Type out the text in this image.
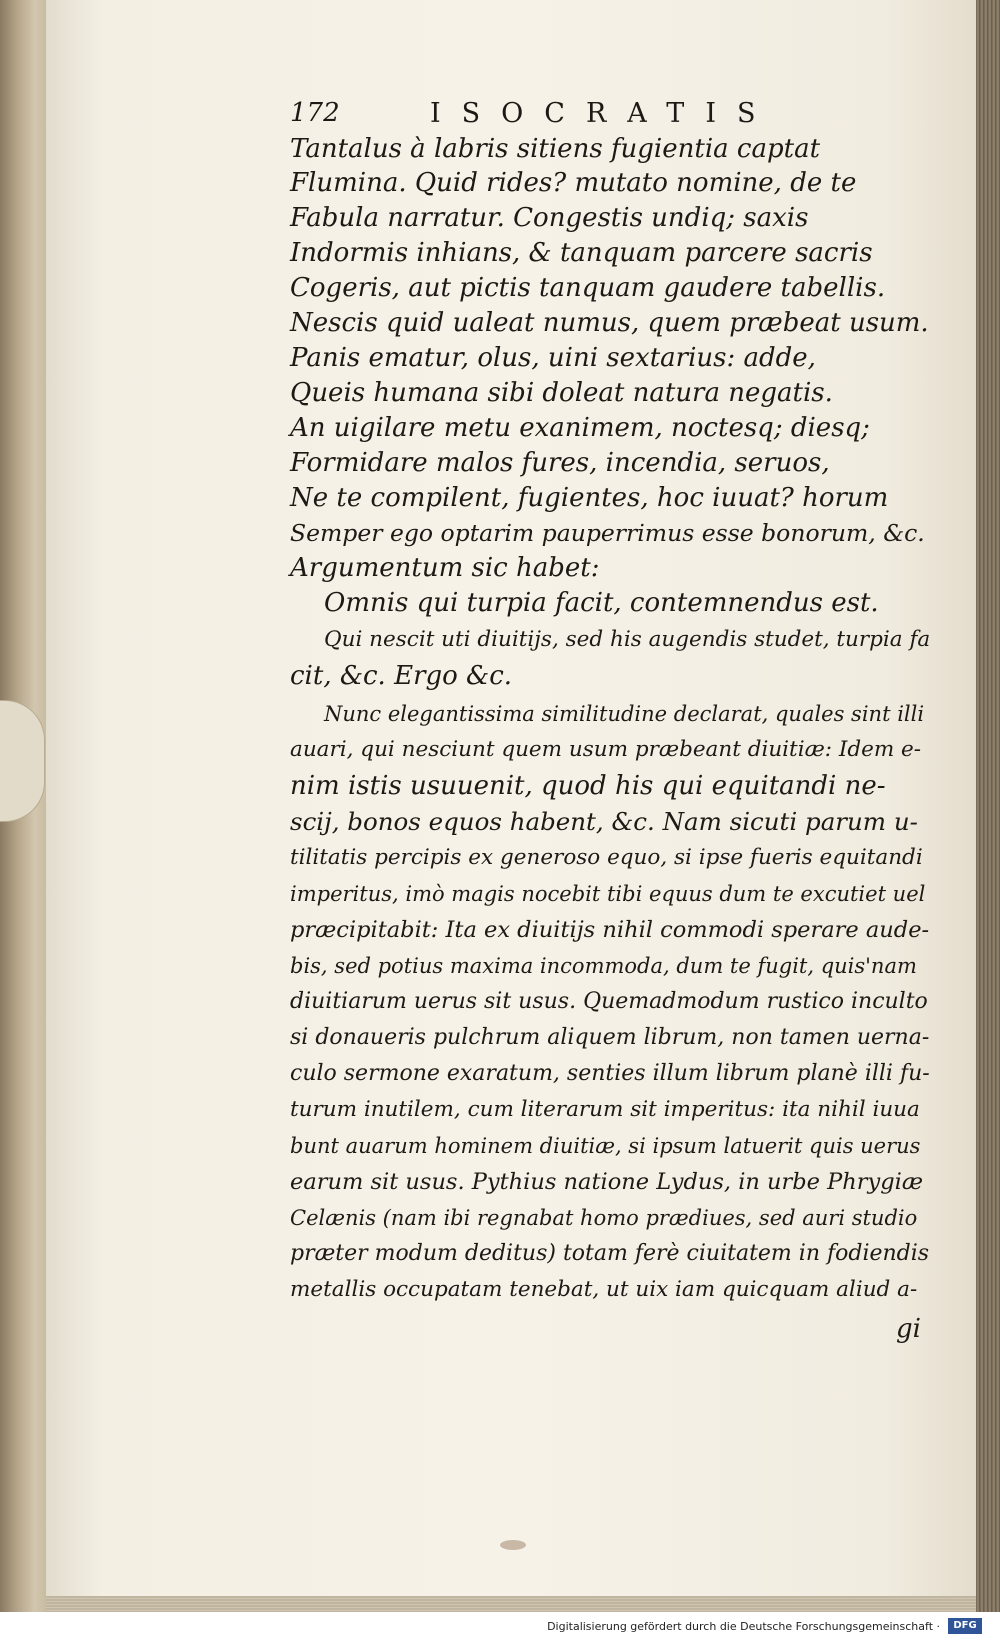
172	ISOCRATIS
Tantalus à labris sitiens fugientia captat
Flumina. Quid rides? mutato nomine, de te
Fabula narratur. Congestis undiq; saxis
Indormis inhians, & tanquam parcere sacris
Cogeris, aut pictis tanquam gaudere tabellis.
Nescis quid ualeat numus, quem præbeat usum.
Panis ematur, olus, uini sextarius: adde,
Queis humana sibi doleat natura negatis.
An uigilare metu exanimem, noctesq; diesq;
Formidare malos fures, incendia, seruos,
Ne te compilent, fugientes, hoc iuuat? horum
Semper ego optarim pauperrimus esse bonorum, &c.
Argumentum sic habet:
Omnis qui turpia facit, contemnendus est.
Qui nescit uti diuitijs, sed his augendis studet, turpia fa
cit, &c. Ergo &c.
Nunc elegantissima similitudine declarat, quales sint illi
auari, qui nesciunt quem usum præbeant diuitiæ: Idem e-
nim istis usuuenit, quod his qui equitandi ne-
scij, bonos equos habent, &c. Nam sicuti parum u-
tilitatis percipis ex generoso equo, si ipse fueris equitandi
imperitus, imò magis nocebit tibi equus dum te excutiet uel
præcipitabit: Ita ex diuitijs nihil commodi sperare aude-
bis, sed potius maxima incommoda, dum te fugit, quis'nam
diuitiarum uerus sit usus. Quemadmodum rustico inculto
si donaueris pulchrum aliquem librum, non tamen uerna-
culo sermone exaratum, senties illum librum planè illi fu-
turum inutilem, cum literarum sit imperitus: ita nihil iuua
bunt auarum hominem diuitiæ, si ipsum latuerit quis uerus
earum sit usus. Pythius natione Lydus, in urbe Phrygiæ
Celænis (nam ibi regnabat homo prædiues, sed auri studio
præter modum deditus) totam ferè ciuitatem in fodiendis
metallis occupatam tenebat, ut uix iam quicquam aliud a-
gi
Digitalisierung gefördert durch die Deutsche Forschungsgemeinschaft ·	DFG
